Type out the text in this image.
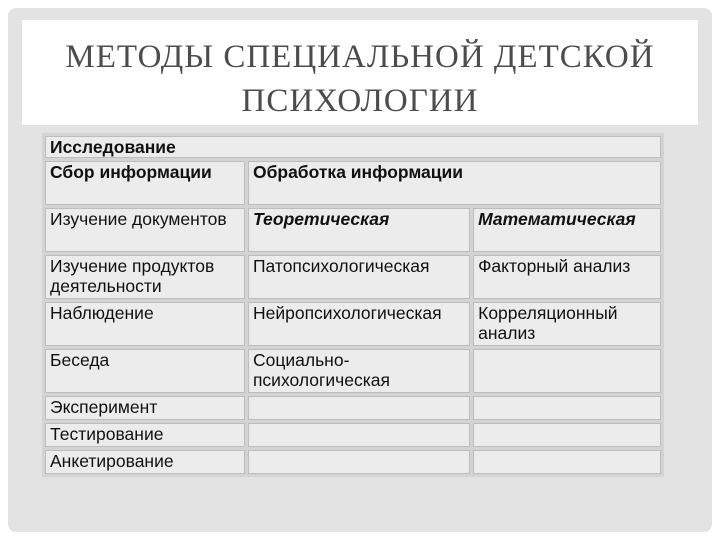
МЕТОДЫ СПЕЦИАЛЬНОЙ ДЕТСКОЙ
ПСИХОЛОГИИ
Исследование		
Сбор информации	Обработка информации	
Изучение документов	Теоретическая	Математическая
Изучение продуктов деятельности	Патопсихологическая	Факторный анализ
Наблюдение	Нейропсихологическая	Корреляционный анализ
Беседа	Социально-психологическая	
Эксперимент		
Тестирование		
Анкетирование		
